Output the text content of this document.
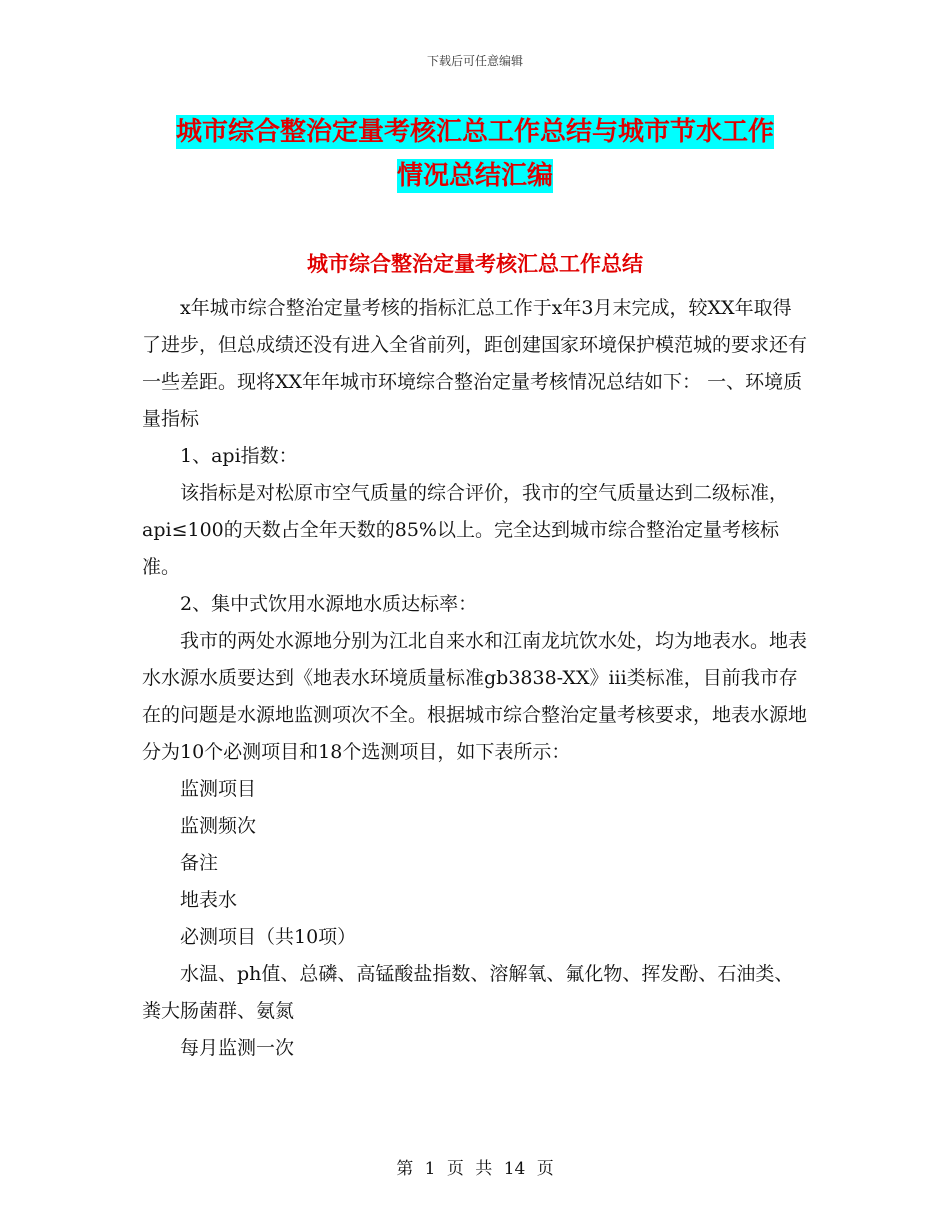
下载后可任意编辑
城市综合整治定量考核汇总工作总结与城市节水工作
情况总结汇编
城市综合整治定量考核汇总工作总结

x年城市综合整治定量考核的指标汇总工作于x年3月末完成，较XX年取得了进步，但总成绩还没有进入全省前列，距创建国家环境保护模范城的要求还有一些差距。现将XX年年城市环境综合整治定量考核情况总结如下： 一、环境质量指标

1、api指数：

该指标是对松原市空气质量的综合评价，我市的空气质量达到二级标准，api≤100的天数占全年天数的85%以上。完全达到城市综合整治定量考核标准。

2、集中式饮用水源地水质达标率：

我市的两处水源地分别为江北自来水和江南龙坑饮水处，均为地表水。地表水水源水质要达到《地表水环境质量标准gb3838-XX》iii类标准，目前我市存在的问题是水源地监测项次不全。根据城市综合整治定量考核要求，地表水源地分为10个必测项目和18个选测项目，如下表所示：

监测项目

监测频次

备注

地表水

必测项目（共10项）

水温、ph值、总磷、高锰酸盐指数、溶解氧、氟化物、挥发酚、石油类、粪大肠菌群、氨氮

每月监测一次

第 1 页 共 14 页
